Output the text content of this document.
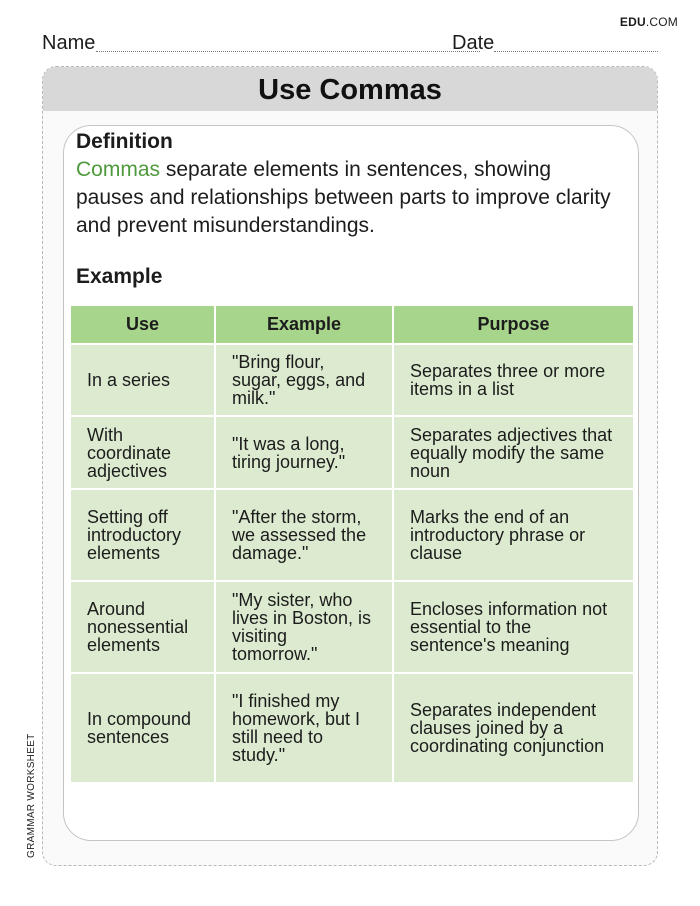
EDU.COM
Name	Date
Use Commas
Definition
Commas separate elements in sentences, showing pauses and relationships between parts to improve clarity and prevent misunderstandings.
Example
Use	Example	Purpose
In a series	"Bring flour, sugar, eggs, and milk."	Separates three or more items in a list
With coordinate adjectives	"It was a long, tiring journey."	Separates adjectives that equally modify the same noun
Setting off introductory elements	"After the storm, we assessed the damage."	Marks the end of an introductory phrase or clause
Around nonessential elements	"My sister, who lives in Boston, is visiting tomorrow."	Encloses information not essential to the sentence's meaning
In compound sentences	"I finished my homework, but I still need to study."	Separates independent clauses joined by a coordinating conjunction
GRAMMAR WORKSHEET
